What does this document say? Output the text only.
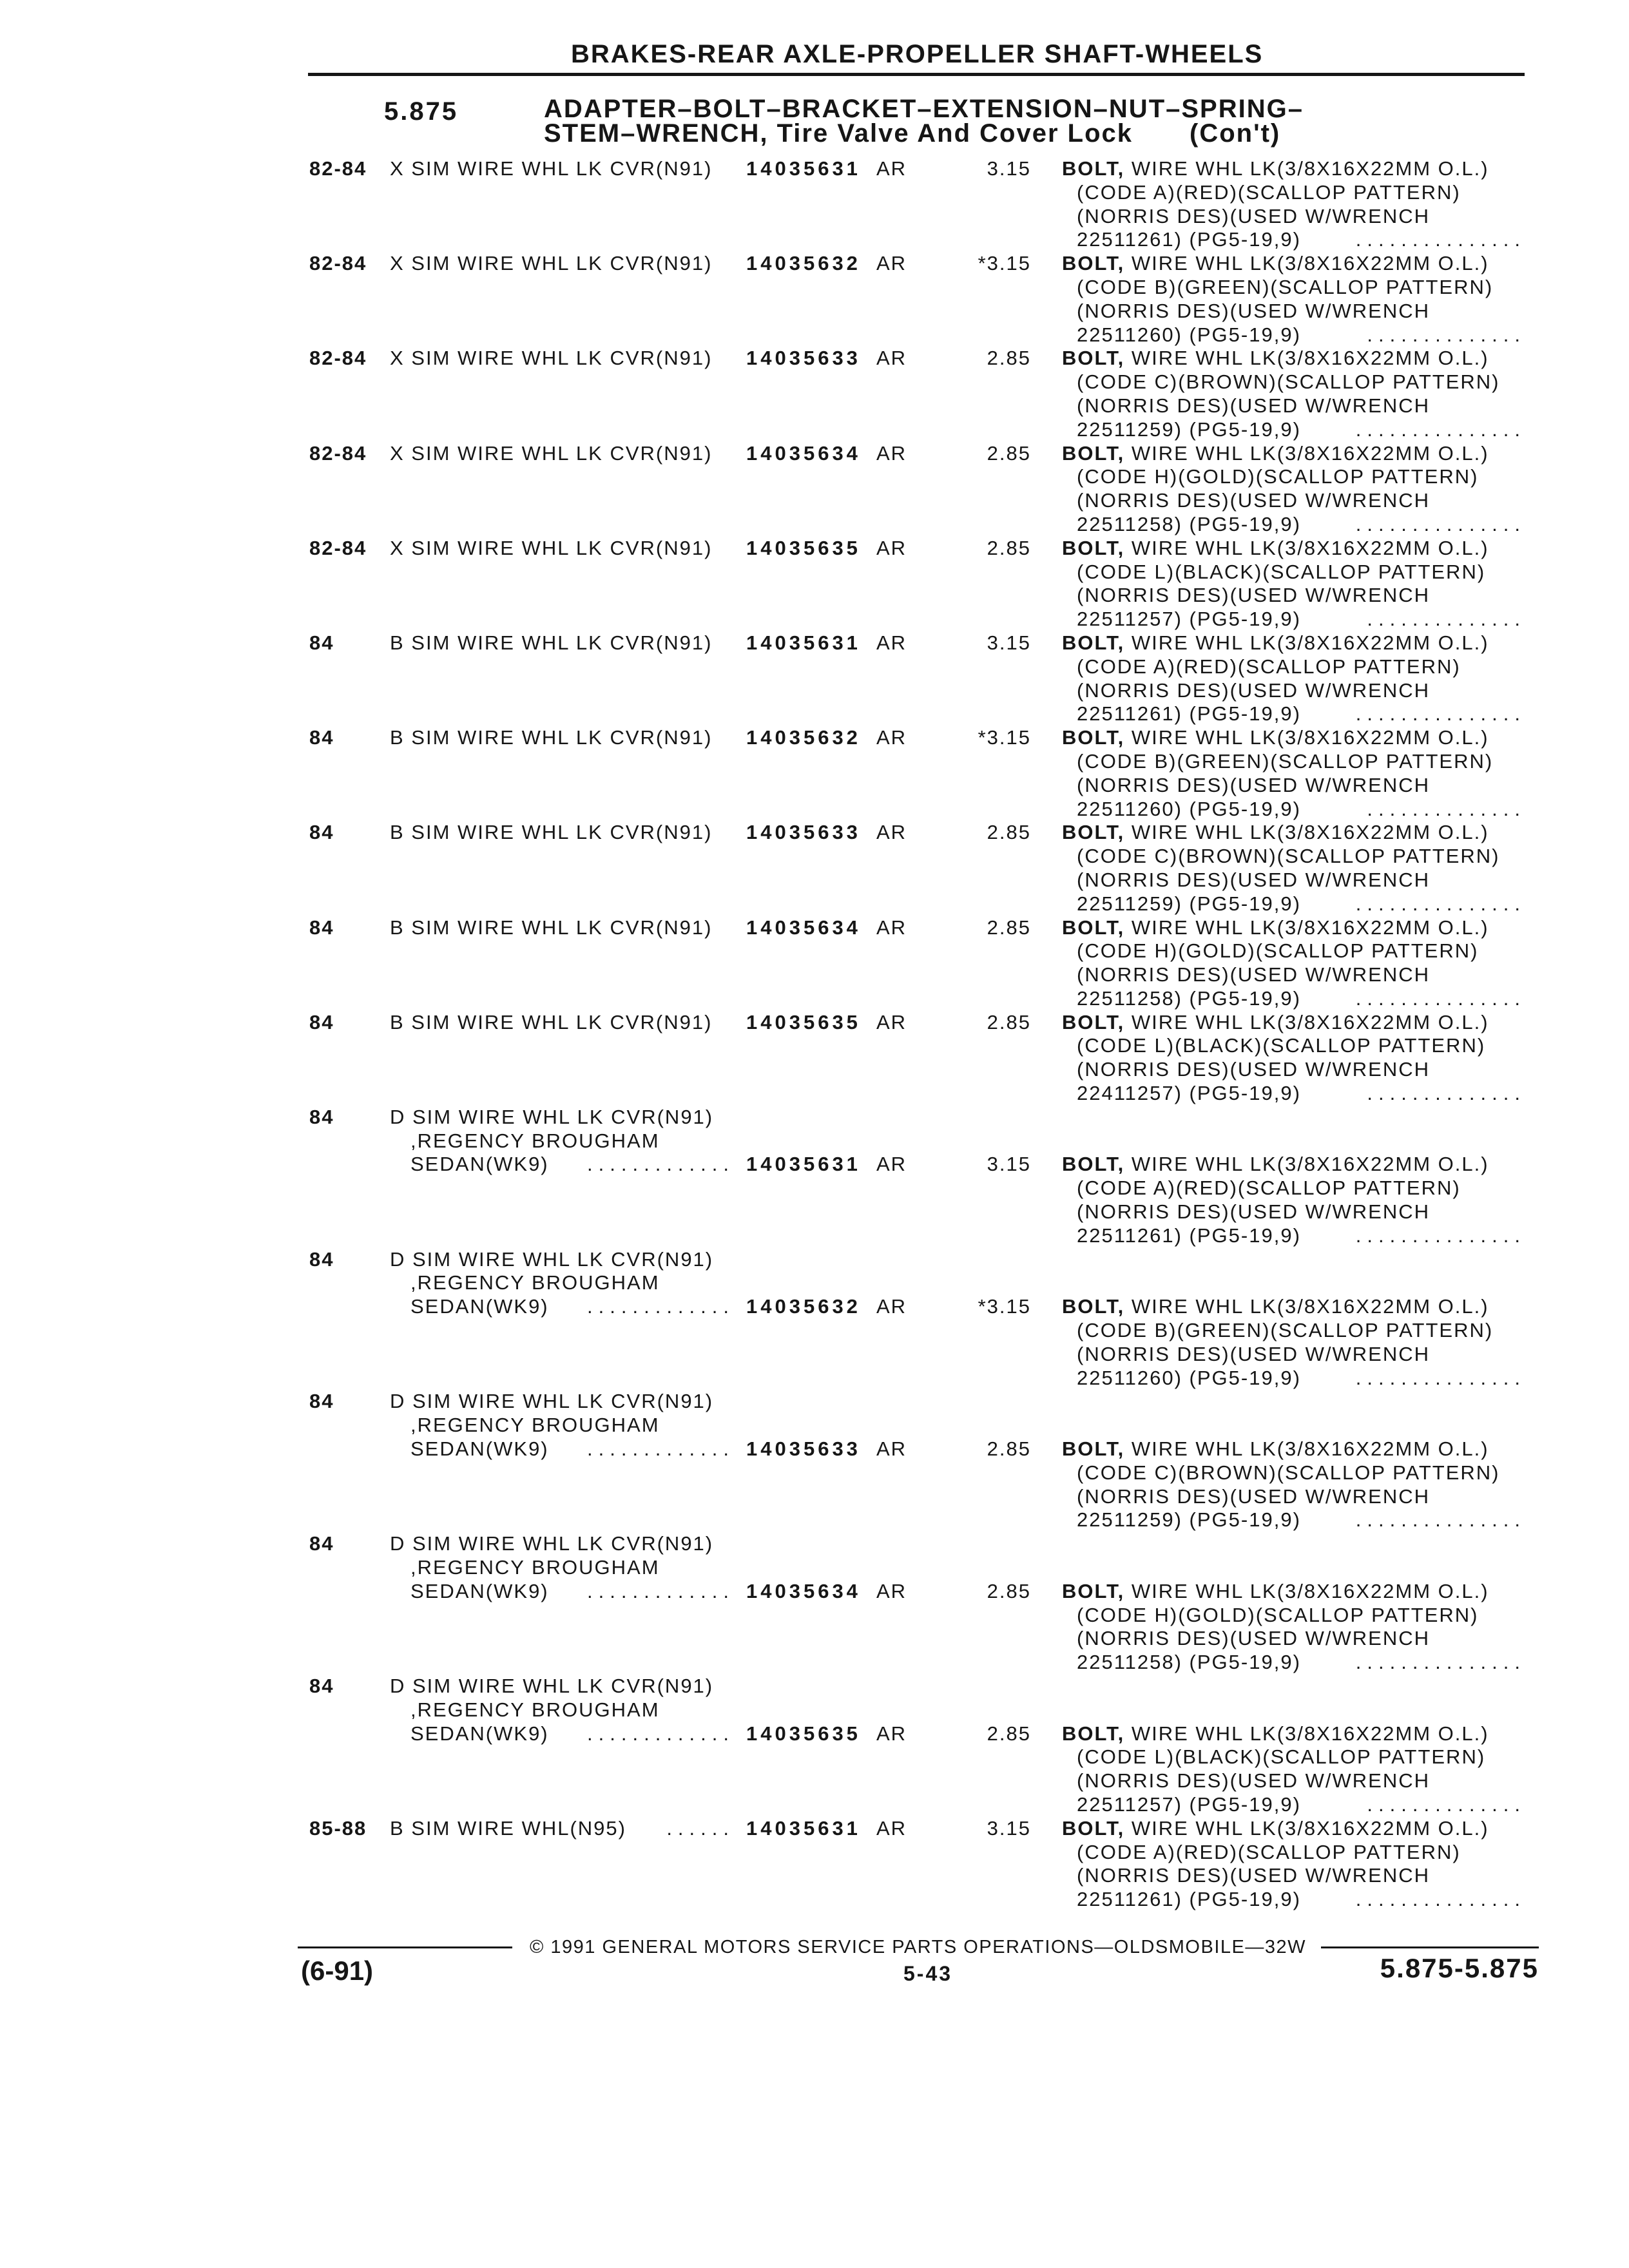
BRAKES-REAR AXLE-PROPELLER SHAFT-WHEELS
5.875	ADAPTER–BOLT–BRACKET–EXTENSION–NUT–SPRING–
STEM–WRENCH, Tire Valve And Cover Lock (Con't)
82-84 X SIM WIRE WHL LK CVR(N91) 14035631 AR	3.15 BOLT, WIRE WHL LK(3/8X16X22MM O.L.)
(CODE A)(RED)(SCALLOP PATTERN)
(NORRIS DES)(USED W/WRENCH
22511261) (PG5-19,9)	...............
82-84 X SIM WIRE WHL LK CVR(N91) 14035632 AR	*3.15 BOLT, WIRE WHL LK(3/8X16X22MM O.L.)
(CODE B)(GREEN)(SCALLOP PATTERN)
(NORRIS DES)(USED W/WRENCH
22511260) (PG5-19,9)	..............
82-84 X SIM WIRE WHL LK CVR(N91) 14035633 AR	2.85 BOLT, WIRE WHL LK(3/8X16X22MM O.L.)
(CODE C)(BROWN)(SCALLOP PATTERN)
(NORRIS DES)(USED W/WRENCH
22511259) (PG5-19,9)	...............
82-84 X SIM WIRE WHL LK CVR(N91) 14035634 AR	2.85 BOLT, WIRE WHL LK(3/8X16X22MM O.L.)
(CODE H)(GOLD)(SCALLOP PATTERN)
(NORRIS DES)(USED W/WRENCH
22511258) (PG5-19,9)	...............
82-84 X SIM WIRE WHL LK CVR(N91) 14035635 AR	2.85 BOLT, WIRE WHL LK(3/8X16X22MM O.L.)
(CODE L)(BLACK)(SCALLOP PATTERN)
(NORRIS DES)(USED W/WRENCH
22511257) (PG5-19,9)	..............
84	B SIM WIRE WHL LK CVR(N91) 14035631 AR	3.15 BOLT, WIRE WHL LK(3/8X16X22MM O.L.)
(CODE A)(RED)(SCALLOP PATTERN)
(NORRIS DES)(USED W/WRENCH
22511261) (PG5-19,9)	...............
84	B SIM WIRE WHL LK CVR(N91) 14035632 AR	*3.15 BOLT, WIRE WHL LK(3/8X16X22MM O.L.)
(CODE B)(GREEN)(SCALLOP PATTERN)
(NORRIS DES)(USED W/WRENCH
22511260) (PG5-19,9)	..............
84	B SIM WIRE WHL LK CVR(N91) 14035633 AR	2.85 BOLT, WIRE WHL LK(3/8X16X22MM O.L.)
(CODE C)(BROWN)(SCALLOP PATTERN)
(NORRIS DES)(USED W/WRENCH
22511259) (PG5-19,9)	...............
84	B SIM WIRE WHL LK CVR(N91) 14035634 AR	2.85 BOLT, WIRE WHL LK(3/8X16X22MM O.L.)
(CODE H)(GOLD)(SCALLOP PATTERN)
(NORRIS DES)(USED W/WRENCH
22511258) (PG5-19,9)	...............
84	B SIM WIRE WHL LK CVR(N91) 14035635 AR	2.85 BOLT, WIRE WHL LK(3/8X16X22MM O.L.)
(CODE L)(BLACK)(SCALLOP PATTERN)
(NORRIS DES)(USED W/WRENCH
22411257) (PG5-19,9)	..............
84	D SIM WIRE WHL LK CVR(N91)
,REGENCY BROUGHAM
SEDAN(WK9) ............. 14035631 AR	3.15 BOLT, WIRE WHL LK(3/8X16X22MM O.L.)
(CODE A)(RED)(SCALLOP PATTERN)
(NORRIS DES)(USED W/WRENCH
22511261) (PG5-19,9)	...............
84	D SIM WIRE WHL LK CVR(N91)
,REGENCY BROUGHAM
SEDAN(WK9) ............. 14035632 AR	*3.15 BOLT, WIRE WHL LK(3/8X16X22MM O.L.)
(CODE B)(GREEN)(SCALLOP PATTERN)
(NORRIS DES)(USED W/WRENCH
22511260) (PG5-19,9)	...............
84	D SIM WIRE WHL LK CVR(N91)
,REGENCY BROUGHAM
SEDAN(WK9) ............. 14035633 AR	2.85 BOLT, WIRE WHL LK(3/8X16X22MM O.L.)
(CODE C)(BROWN)(SCALLOP PATTERN)
(NORRIS DES)(USED W/WRENCH
22511259) (PG5-19,9)	...............
84	D SIM WIRE WHL LK CVR(N91)
,REGENCY BROUGHAM
SEDAN(WK9) ............. 14035634 AR	2.85 BOLT, WIRE WHL LK(3/8X16X22MM O.L.)
(CODE H)(GOLD)(SCALLOP PATTERN)
(NORRIS DES)(USED W/WRENCH
22511258) (PG5-19,9)	...............
84	D SIM WIRE WHL LK CVR(N91)
,REGENCY BROUGHAM
SEDAN(WK9) ............. 14035635 AR	2.85 BOLT, WIRE WHL LK(3/8X16X22MM O.L.)
(CODE L)(BLACK)(SCALLOP PATTERN)
(NORRIS DES)(USED W/WRENCH
22511257) (PG5-19,9)	..............
85-88 B SIM WIRE WHL(N95) ...... 14035631 AR	3.15 BOLT, WIRE WHL LK(3/8X16X22MM O.L.)
(CODE A)(RED)(SCALLOP PATTERN)
(NORRIS DES)(USED W/WRENCH
22511261) (PG5-19,9)	...............
© 1991 GENERAL MOTORS SERVICE PARTS OPERATIONS—OLDSMOBILE—32W
(6-91)	5-43	5.875-5.875
